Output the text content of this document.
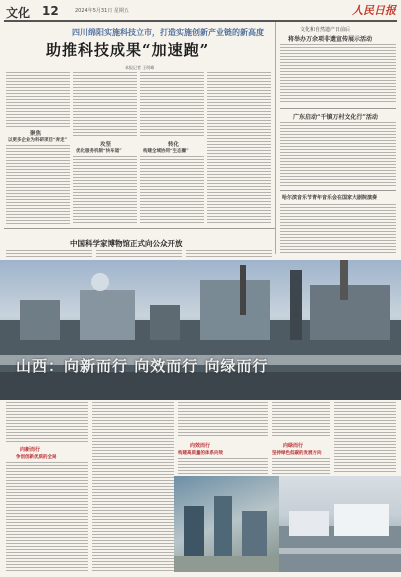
文化 12	2024年5月31日 星期五	人民日报
四川绵阳实施科技立市，打造实施创新产业链的新高度
助推科技成果“加速跑”
本报记者 王明峰
聚焦
以更多企业为科研项目“奔走”
攻坚
优化服务机制“快车道”
转化
构建全域协同“生态圈”
文化和自然遗产日前后
将举办万余项非遗宣传展示活动
广东启动“千镇万村文化行”活动
哈尔滨音乐节青年音乐会在国家大剧院演奏
中国科学家博物馆正式向公众开放
山西：向新而行 向效而行 向绿而行
向新而行
争创创新优质的全局
向效而行
构建高质量的体系向效
向绿而行
坚持绿色低碳的发展方向
